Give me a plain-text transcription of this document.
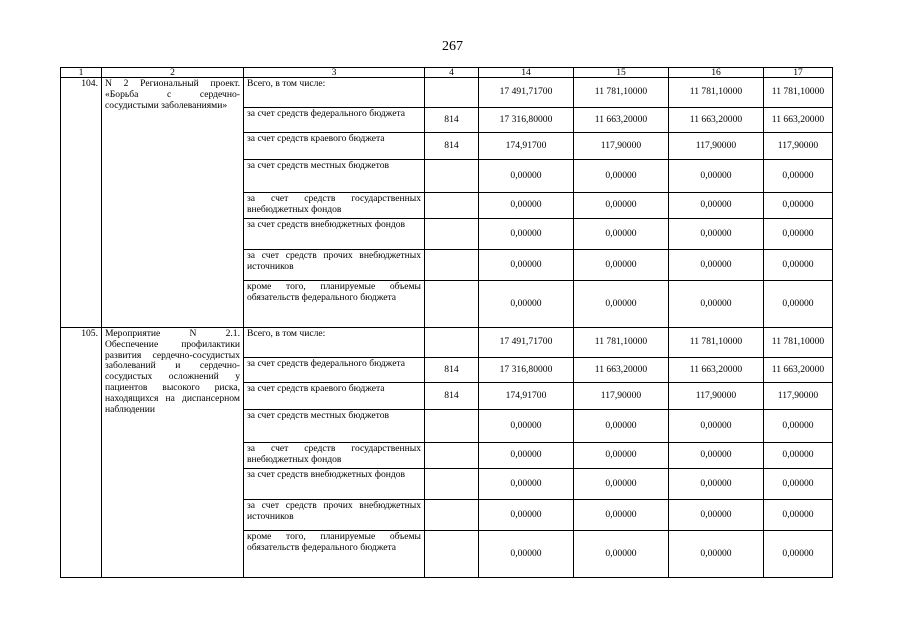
267
1	2	3	4	14	15	16	17
104.	N 2 Региональный проект. «Борьба с сердечно-сосудистыми заболеваниями»	Всего, в том числе:		17 491,71700	11 781,10000	11 781,10000	11 781,10000
		за счет средств федерального бюджета	814	17 316,80000	11 663,20000	11 663,20000	11 663,20000
		за счет средств краевого бюджета	814	174,91700	117,90000	117,90000	117,90000
		за счет средств местных бюджетов		0,00000	0,00000	0,00000	0,00000
		за счет средств государственных внебюджетных фондов		0,00000	0,00000	0,00000	0,00000
		за счет средств внебюджетных фондов		0,00000	0,00000	0,00000	0,00000
		за счет средств прочих внебюджетных источников		0,00000	0,00000	0,00000	0,00000
		кроме того, планируемые объемы обязательств федерального бюджета		0,00000	0,00000	0,00000	0,00000
105.	Мероприятие N 2.1. Обеспечение профилактики развития сердечно-сосудистых заболеваний и сердечно-сосудистых осложнений у пациентов высокого риска, находящихся на диспансерном наблюдении	Всего, в том числе:		17 491,71700	11 781,10000	11 781,10000	11 781,10000
		за счет средств федерального бюджета	814	17 316,80000	11 663,20000	11 663,20000	11 663,20000
		за счет средств краевого бюджета	814	174,91700	117,90000	117,90000	117,90000
		за счет средств местных бюджетов		0,00000	0,00000	0,00000	0,00000
		за счет средств государственных внебюджетных фондов		0,00000	0,00000	0,00000	0,00000
		за счет средств внебюджетных фондов		0,00000	0,00000	0,00000	0,00000
		за счет средств прочих внебюджетных источников		0,00000	0,00000	0,00000	0,00000
		кроме того, планируемые объемы обязательств федерального бюджета		0,00000	0,00000	0,00000	0,00000
